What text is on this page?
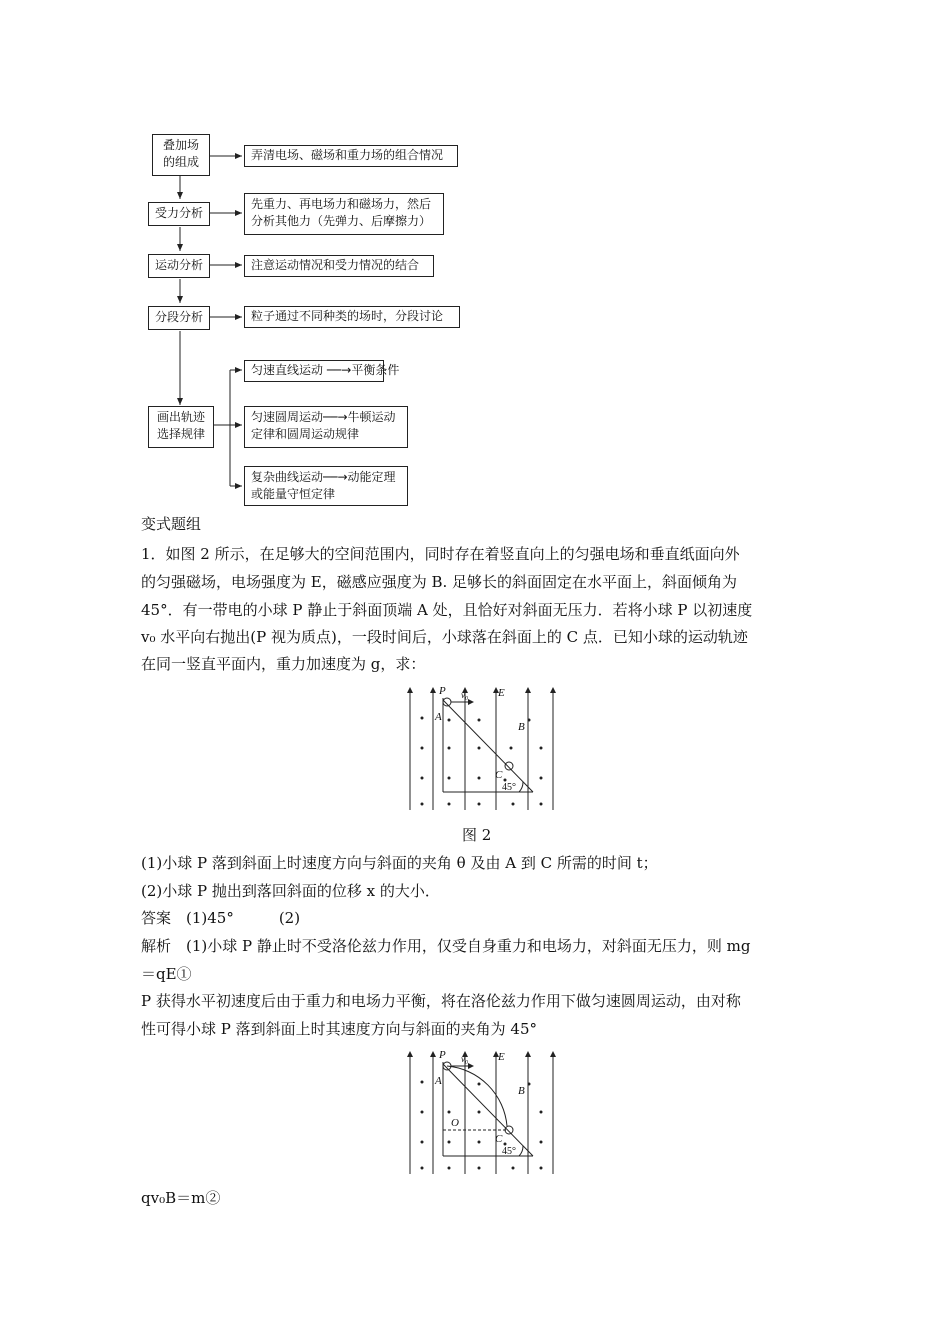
叠加场
的组成
受力分析
运动分析
分段分析
画出轨迹
选择规律
弄清电场、磁场和重力场的组合情况
先重力、再电场力和磁场力，然后
分析其他力（先弹力、后摩擦力）
注意运动情况和受力情况的结合
粒子通过不同种类的场时，分段讨论
匀速直线运动 ──→平衡条件
匀速圆周运动──→牛顿运动
定律和圆周运动规律
复杂曲线运动──→动能定理
或能量守恒定律
变式题组
1．如图 2 所示，在足够大的空间范围内，同时存在着竖直向上的匀强电场和垂直纸面向外
的匀强磁场，电场强度为 E，磁感应强度为 B. 足够长的斜面固定在水平面上，斜面倾角为
45°．有一带电的小球 P 静止于斜面顶端 A 处，且恰好对斜面无压力．若将小球 P 以初速度
v₀ 水平向右抛出(P 视为质点)，一段时间后，小球落在斜面上的 C 点．已知小球的运动轨迹
在同一竖直平面内，重力加速度为 g，求：
P v₀	E
A
B
C
45°
图 2
(1)小球 P 落到斜面上时速度方向与斜面的夹角 θ 及由 A 到 C 所需的时间 t；
(2)小球 P 抛出到落回斜面的位移 x 的大小．
答案　(1)45°　　　(2)
解析　(1)小球 P 静止时不受洛伦兹力作用，仅受自身重力和电场力，对斜面无压力，则 mg
＝qE①
P 获得水平初速度后由于重力和电场力平衡，将在洛伦兹力作用下做匀速圆周运动，由对称
性可得小球 P 落到斜面上时其速度方向与斜面的夹角为 45°
P v₀	E
A
B
O
C
45°
qv₀B＝m②
